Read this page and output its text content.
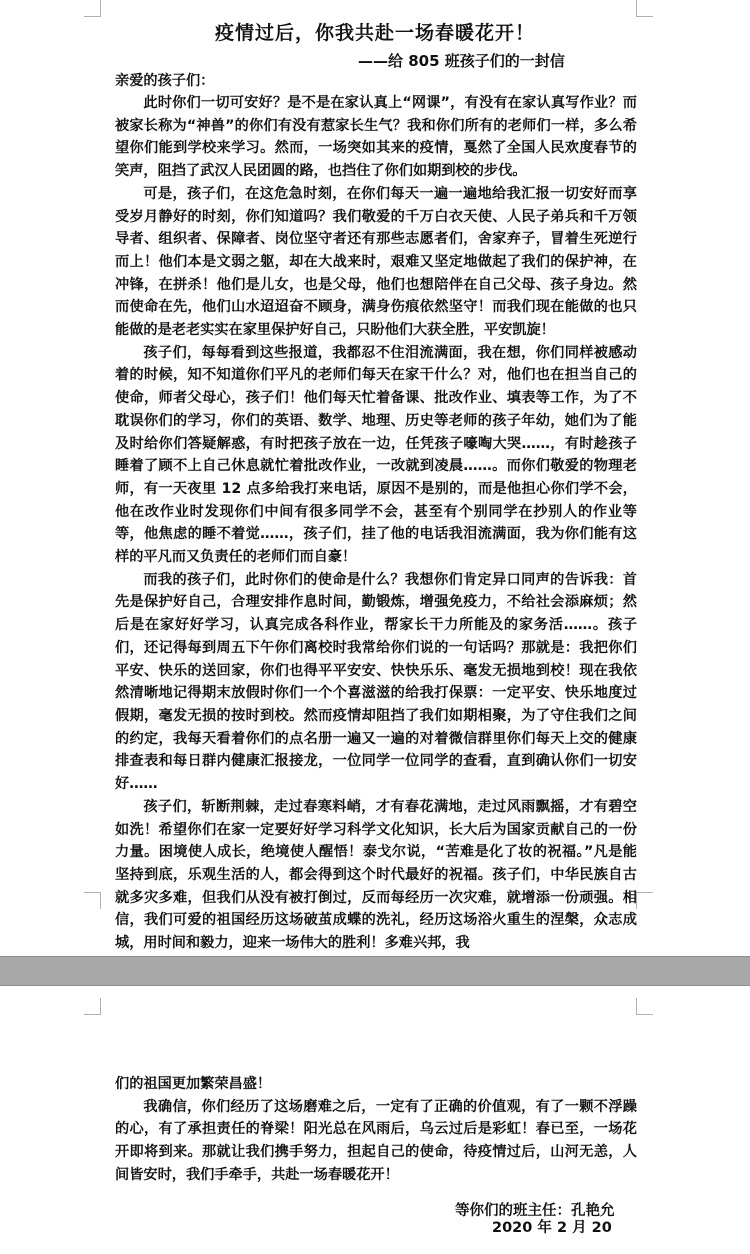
疫情过后，你我共赴一场春暖花开！
——给 805 班孩子们的一封信
亲爱的孩子们：

此时你们一切可安好？是不是在家认真上“网课”，有没有在家认真写作业？而被家长称为“神兽”的你们有没有惹家长生气？我和你们所有的老师们一样，多么希望你们能到学校来学习。然而，一场突如其来的疫情，戛然了全国人民欢度春节的笑声，阻挡了武汉人民团圆的路，也挡住了你们如期到校的步伐。

可是，孩子们，在这危急时刻，在你们每天一遍一遍地给我汇报一切安好而享受岁月静好的时刻，你们知道吗？我们敬爱的千万白衣天使、人民子弟兵和千万领导者、组织者、保障者、岗位坚守者还有那些志愿者们，舍家弃子，冒着生死逆行而上！他们本是文弱之躯，却在大战来时，艰难又坚定地做起了我们的保护神，在冲锋，在拼杀！他们是儿女，也是父母，他们也想陪伴在自己父母、孩子身边。然而使命在先，他们山水迢迢奋不顾身，满身伤痕依然坚守！而我们现在能做的也只能做的是老老实实在家里保护好自己，只盼他们大获全胜，平安凯旋！

孩子们，每每看到这些报道，我都忍不住泪流满面，我在想，你们同样被感动着的时候，知不知道你们平凡的老师们每天在家干什么？对，他们也在担当自己的使命，师者父母心，孩子们！他们每天忙着备课、批改作业、填表等工作，为了不耽误你们的学习，你们的英语、数学、地理、历史等老师的孩子年幼，她们为了能及时给你们答疑解惑，有时把孩子放在一边，任凭孩子嚎啕大哭……，有时趁孩子睡着了顾不上自己休息就忙着批改作业，一改就到凌晨……。而你们敬爱的物理老师，有一天夜里 12 点多给我打来电话，原因不是别的，而是他担心你们学不会，他在改作业时发现你们中间有很多同学不会，甚至有个别同学在抄别人的作业等等，他焦虑的睡不着觉……，孩子们，挂了他的电话我泪流满面，我为你们能有这样的平凡而又负责任的老师们而自豪！

而我的孩子们，此时你们的使命是什么？我想你们肯定异口同声的告诉我：首先是保护好自己，合理安排作息时间，勤锻炼，增强免疫力，不给社会添麻烦；然后是在家好好学习，认真完成各科作业，帮家长干力所能及的家务活……。孩子们，还记得每到周五下午你们离校时我常给你们说的一句话吗？那就是：我把你们平安、快乐的送回家，你们也得平平安安、快快乐乐、毫发无损地到校！现在我依然清晰地记得期末放假时你们一个个喜滋滋的给我打保票：一定平安、快乐地度过假期，毫发无损的按时到校。然而疫情却阻挡了我们如期相聚，为了守住我们之间的约定，我每天看着你们的点名册一遍又一遍的对着微信群里你们每天上交的健康排查表和每日群内健康汇报接龙，一位同学一位同学的查看，直到确认你们一切安好……

孩子们，斩断荆棘，走过春寒料峭，才有春花满地，走过风雨飘摇，才有碧空如洗！希望你们在家一定要好好学习科学文化知识，长大后为国家贡献自己的一份力量。困境使人成长，绝境使人醒悟！泰戈尔说，“苦难是化了妆的祝福。”凡是能坚持到底，乐观生活的人，都会得到这个时代最好的祝福。孩子们，中华民族自古就多灾多难，但我们从没有被打倒过，反而每经历一次灾难，就增添一份顽强。相信，我们可爱的祖国经历这场破茧成蝶的洗礼，经历这场浴火重生的涅槃，众志成城，用时间和毅力，迎来一场伟大的胜利！多难兴邦，我

们的祖国更加繁荣昌盛！

我确信，你们经历了这场磨难之后，一定有了正确的价值观，有了一颗不浮躁的心，有了承担责任的脊梁！阳光总在风雨后，乌云过后是彩虹！春已至，一场花开即将到来。那就让我们携手努力，担起自己的使命，待疫情过后，山河无恙，人间皆安时，我们手牵手，共赴一场春暖花开！

等你们的班主任：孔艳允
2020 年 2 月 20
